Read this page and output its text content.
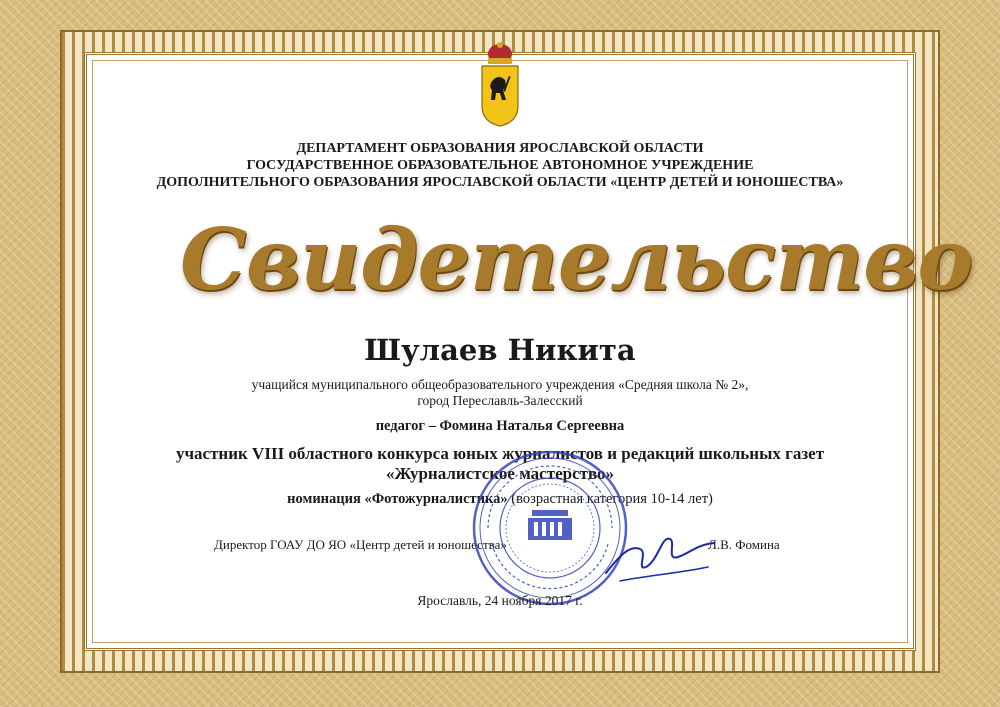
ДЕПАРТАМЕНТ ОБРАЗОВАНИЯ ЯРОСЛАВСКОЙ ОБЛАСТИ
ГОСУДАРСТВЕННОЕ ОБРАЗОВАТЕЛЬНОЕ АВТОНОМНОЕ УЧРЕЖДЕНИЕ
ДОПОЛНИТЕЛЬНОГО ОБРАЗОВАНИЯ ЯРОСЛАВСКОЙ ОБЛАСТИ «ЦЕНТР ДЕТЕЙ И ЮНОШЕСТВА»
Свидетельство
Шулаев Никита
учащийся муниципального общеобразовательного учреждения «Средняя школа № 2»,
город Переславль-Залесский
педагог – Фомина Наталья Сергеевна
участник VIII областного конкурса юных журналистов и редакций школьных газет
«Журналистское мастерство»
номинация «Фотожурналистика» (возрастная категория 10-14 лет)
Директор ГОАУ ДО ЯО «Центр детей и юношества»	Л.В. Фомина
Ярославль, 24 ноября 2017 г.
